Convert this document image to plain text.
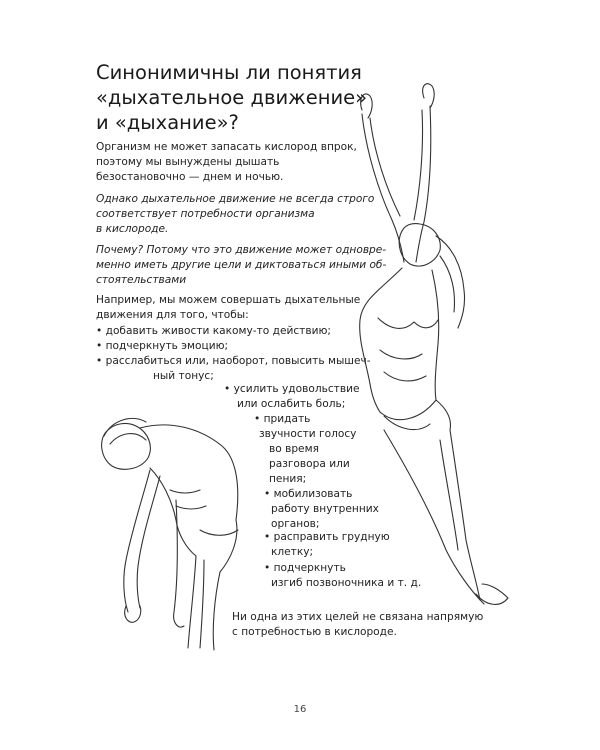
Синонимичны ли понятия
«дыхательное движение»
и «дыхание»?

Организм не может запасать кислород впрок,
поэтому мы вынуждены дышать
безостановочно — днем и ночью.

Однако дыхательное движение не всегда строго
соответствует потребности организма
в кислороде.

Почему? Потому что это движение может одновре-
менно иметь другие цели и диктоваться иными об-
стоятельствами

Например, мы можем совершать дыхательные
движения для того, чтобы:

• добавить живости какому-то действию;
• подчеркнуть эмоцию;
• расслабиться или, наоборот, повысить мышеч-
ный тонус;

• усилить удовольствие
или ослабить боль;

• придать
звучности голосу
во время
разговора или
пения;

• мобилизовать
работу внутренних
органов;

• расправить грудную
клетку;

• подчеркнуть
изгиб позвоночника и т. д.

Ни одна из этих целей не связана напрямую
с потребностью в кислороде.

16
